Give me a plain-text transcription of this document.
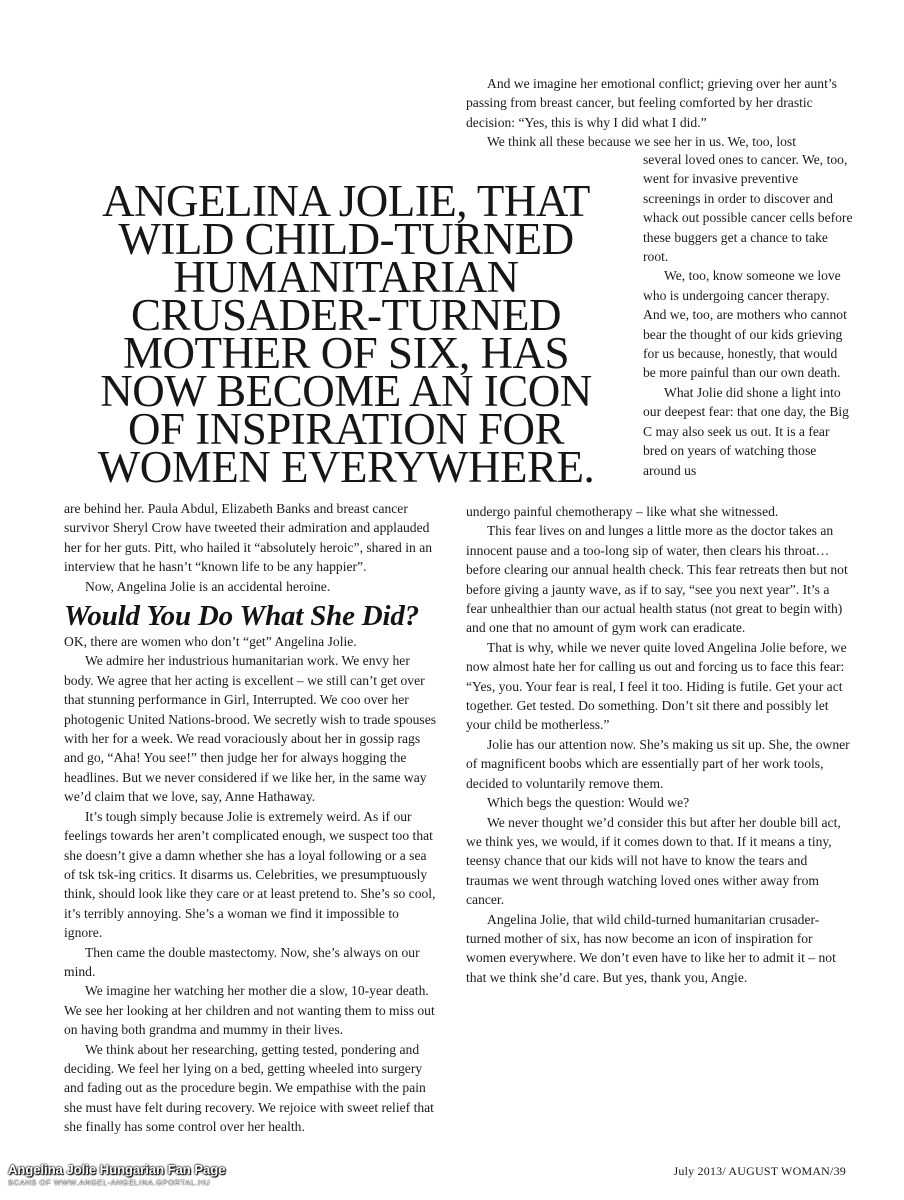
ANGELINA JOLIE, THAT WILD CHILD-TURNED HUMANITARIAN CRUSADER-TURNED MOTHER OF SIX, HAS NOW BECOME AN ICON OF INSPIRATION FOR WOMEN EVERYWHERE.

And we imagine her emotional conflict; grieving over her aunt’s passing from breast cancer, but feeling comforted by her drastic decision: “Yes, this is why I did what I did.”

We think all these because we see her in us. We, too, lost

several loved ones to cancer. We, too, went for invasive preventive screenings in order to discover and whack out possible cancer cells before these buggers get a chance to take root.

We, too, know someone we love who is undergoing cancer therapy. And we, too, are mothers who cannot bear the thought of our kids grieving for us because, honestly, that would be more painful than our own death.

What Jolie did shone a light into our deepest fear: that one day, the Big C may also seek us out. It is a fear bred on years of watching those around us

undergo painful chemotherapy – like what she witnessed.

This fear lives on and lunges a little more as the doctor takes an innocent pause and a too-long sip of water, then clears his throat…before clearing our annual health check. This fear retreats then but not before giving a jaunty wave, as if to say, “see you next year”. It’s a fear unhealthier than our actual health status (not great to begin with) and one that no amount of gym work can eradicate.

That is why, while we never quite loved Angelina Jolie before, we now almost hate her for calling us out and forcing us to face this fear: “Yes, you. Your fear is real, I feel it too. Hiding is futile. Get your act together. Get tested. Do something. Don’t sit there and possibly let your child be motherless.”

Jolie has our attention now. She’s making us sit up. She, the owner of magnificent boobs which are essentially part of her work tools, decided to voluntarily remove them.

Which begs the question: Would we?

We never thought we’d consider this but after her double bill act, we think yes, we would, if it comes down to that. If it means a tiny, teensy chance that our kids will not have to know the tears and traumas we went through watching loved ones wither away from cancer.

Angelina Jolie, that wild child-turned humanitarian crusader-turned mother of six, has now become an icon of inspiration for women everywhere. We don’t even have to like her to admit it – not that we think she’d care. But yes, thank you, Angie.

are behind her. Paula Abdul, Elizabeth Banks and breast cancer survivor Sheryl Crow have tweeted their admiration and applauded her for her guts. Pitt, who hailed it “absolutely heroic”, shared in an interview that he hasn’t “known life to be any happier”.

Now, Angelina Jolie is an accidental heroine.

Would You Do What She Did?

OK, there are women who don’t “get” Angelina Jolie.

We admire her industrious humanitarian work. We envy her body. We agree that her acting is excellent – we still can’t get over that stunning performance in Girl, Interrupted. We coo over her photogenic United Nations-brood. We secretly wish to trade spouses with her for a week. We read voraciously about her in gossip rags and go, “Aha! You see!” then judge her for always hogging the headlines. But we never considered if we like her, in the same way we’d claim that we love, say, Anne Hathaway.

It’s tough simply because Jolie is extremely weird. As if our feelings towards her aren’t complicated enough, we suspect too that she doesn’t give a damn whether she has a loyal following or a sea of tsk tsk-ing critics. It disarms us. Celebrities, we presumptuously think, should look like they care or at least pretend to. She’s so cool, it’s terribly annoying. She’s a woman we find it impossible to ignore.

Then came the double mastectomy. Now, she’s always on our mind.

We imagine her watching her mother die a slow, 10-year death. We see her looking at her children and not wanting them to miss out on having both grandma and mummy in their lives.

We think about her researching, getting tested, pondering and deciding. We feel her lying on a bed, getting wheeled into surgery and fading out as the procedure begin. We empathise with the pain she must have felt during recovery. We rejoice with sweet relief that she finally has some control over her health.

July 2013/ AUGUST WOMAN/39
Angelina Jolie Hungarian Fan Page
SCANS OF WWW.ANGEL-ANGELINA.GPORTAL.HU
